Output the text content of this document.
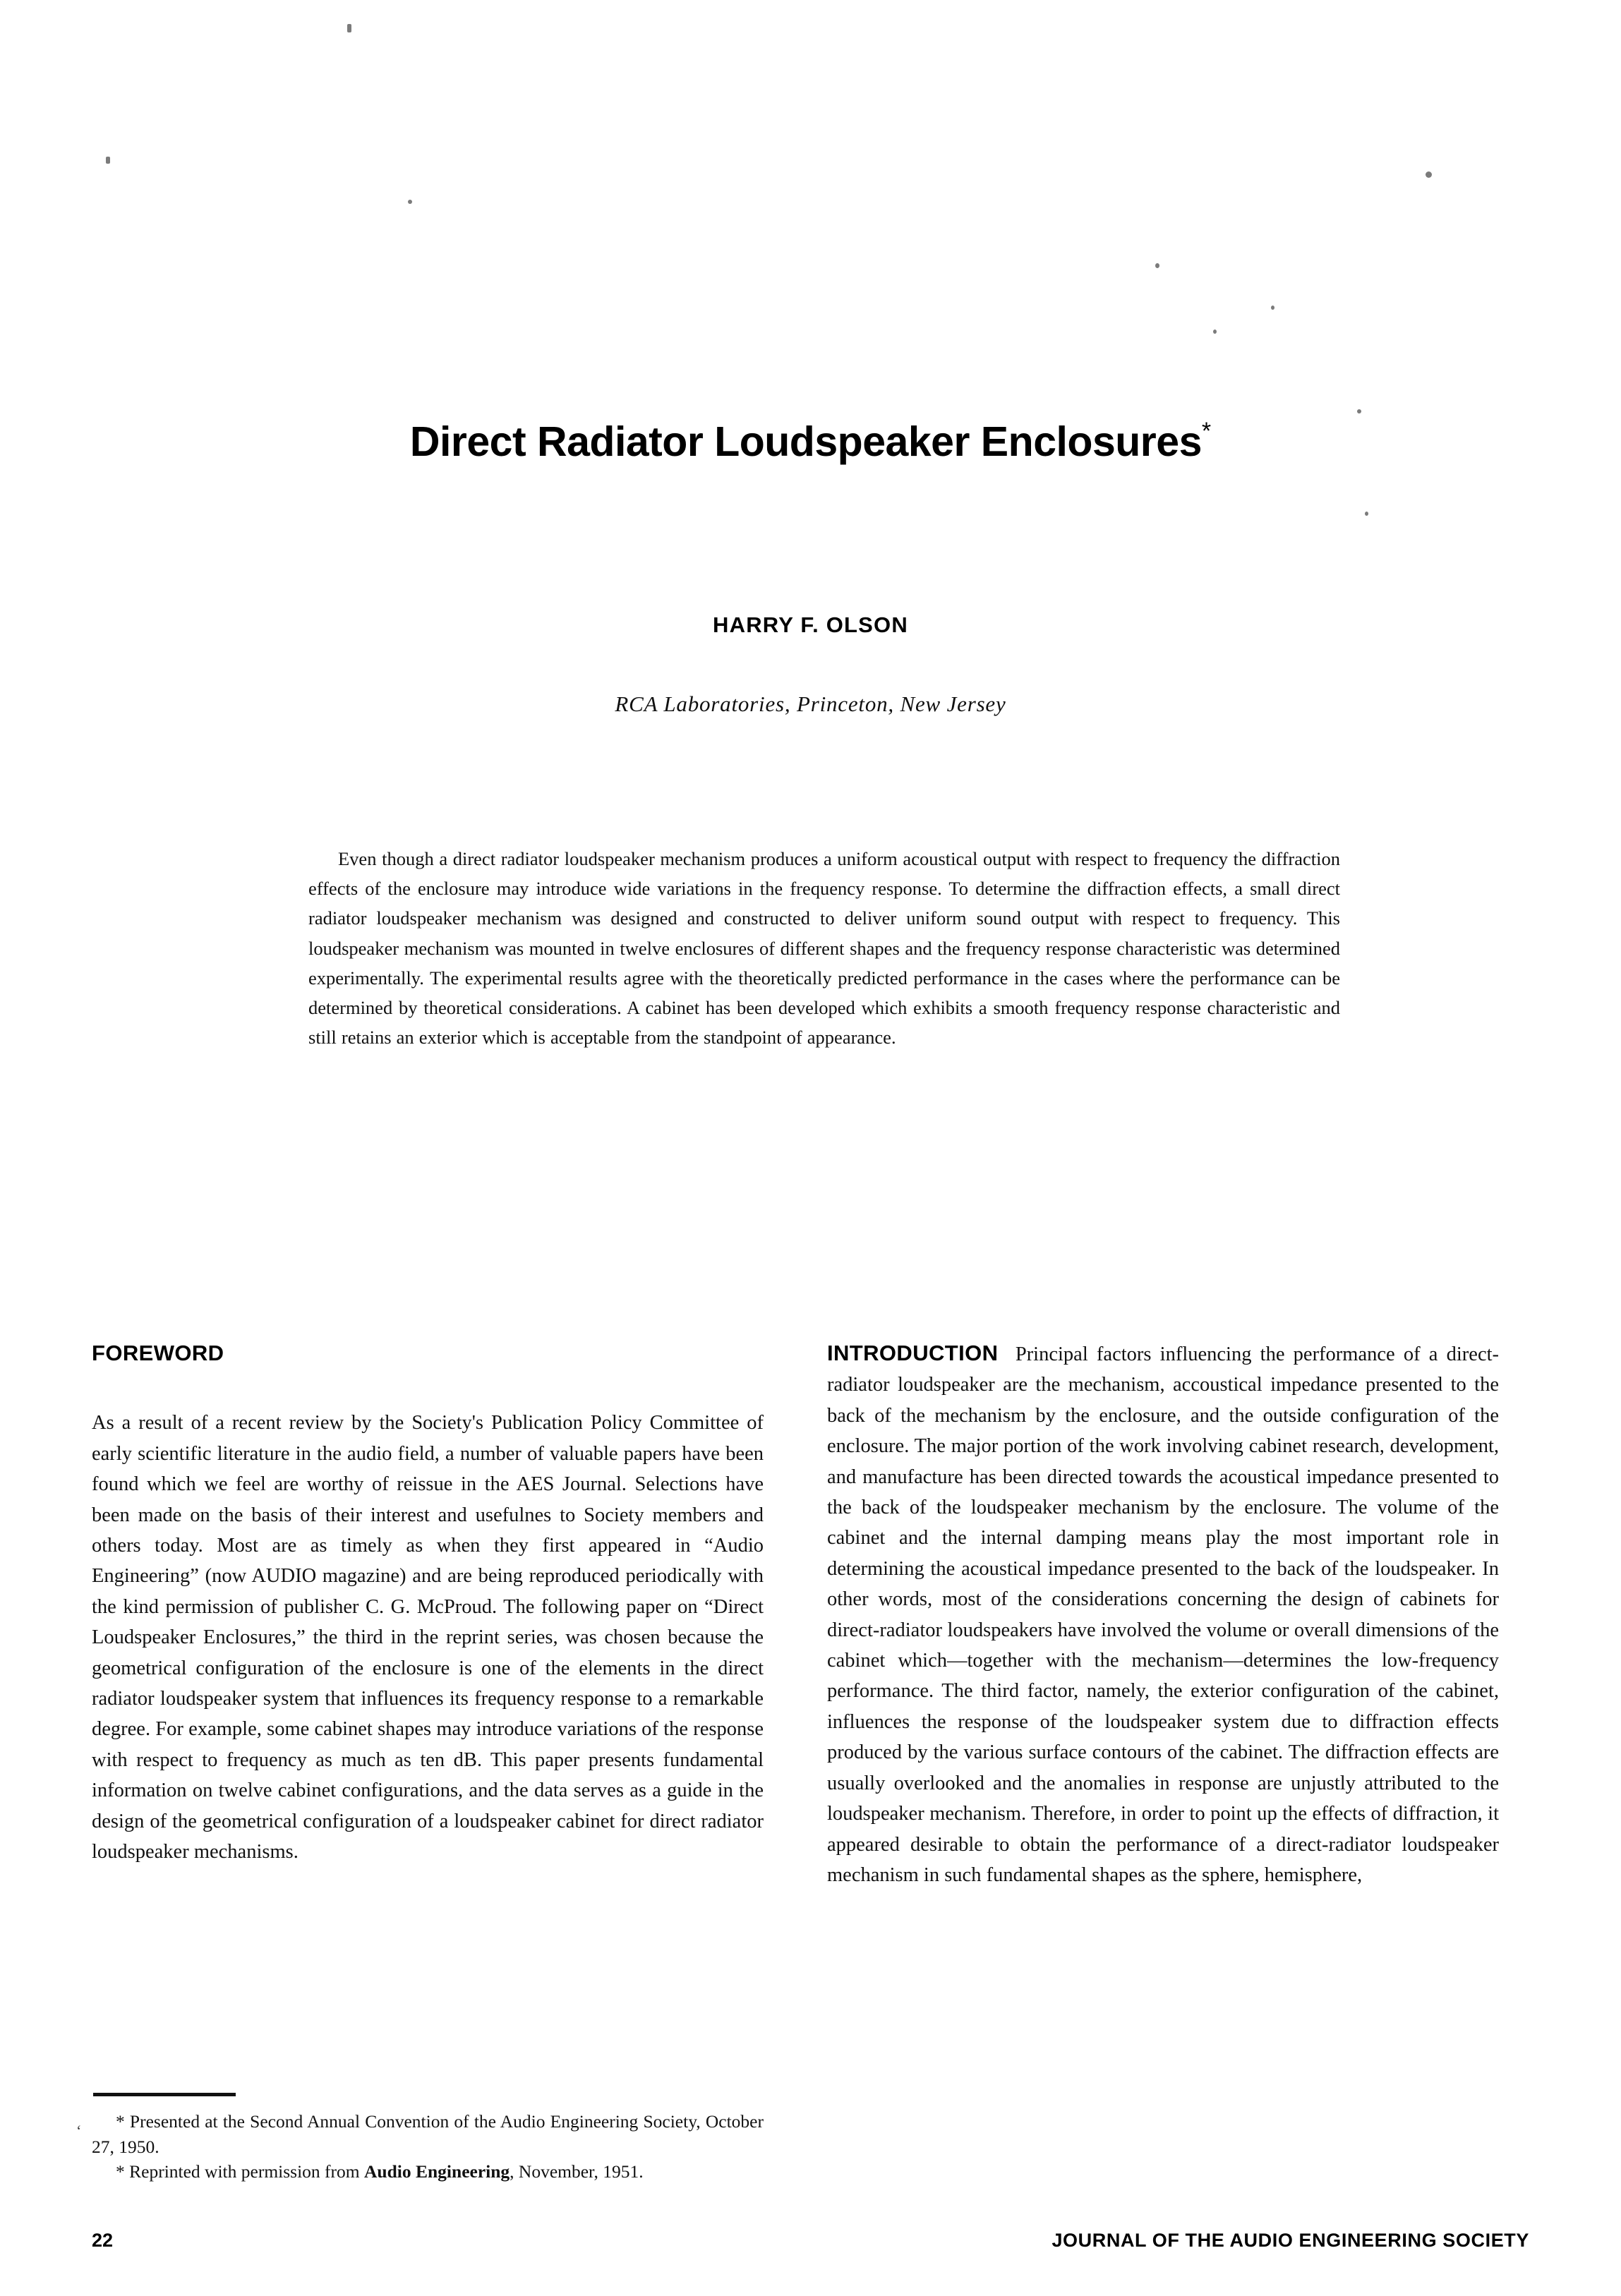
Direct Radiator Loudspeaker Enclosures*
HARRY F. OLSON
RCA Laboratories, Princeton, New Jersey
Even though a direct radiator loudspeaker mechanism produces a uniform acoustical output with respect to frequency the diffraction effects of the enclosure may introduce wide variations in the frequency response. To determine the diffraction effects, a small direct radiator loudspeaker mechanism was designed and constructed to deliver uniform sound output with respect to frequency. This loudspeaker mechanism was mounted in twelve enclosures of different shapes and the frequency response characteristic was determined experimentally. The experimental results agree with the theoretically predicted performance in the cases where the performance can be determined by theoretical considerations. A cabinet has been developed which exhibits a smooth frequency response characteristic and still retains an exterior which is acceptable from the standpoint of appearance.
FOREWORD

As a result of a recent review by the Society's Publication Policy Committee of early scientific literature in the audio field, a number of valuable papers have been found which we feel are worthy of reissue in the AES Journal. Selections have been made on the basis of their interest and usefulnes to Society members and others today. Most are as timely as when they first appeared in “Audio Engineering” (now AUDIO magazine) and are being reproduced periodically with the kind permission of publisher C. G. McProud. The following paper on “Direct Loudspeaker Enclosures,” the third in the reprint series, was chosen because the geometrical configuration of the enclosure is one of the elements in the direct radiator loudspeaker system that influences its frequency response to a remarkable degree. For example, some cabinet shapes may introduce variations of the response with respect to frequency as much as ten dB. This paper presents fundamental information on twelve cabinet configurations, and the data serves as a guide in the design of the geometrical configuration of a loudspeaker cabinet for direct radiator loudspeaker mechanisms.

INTRODUCTION Principal factors influencing the performance of a direct-radiator loudspeaker are the mechanism, accoustical impedance presented to the back of the mechanism by the enclosure, and the outside configuration of the enclosure. The major portion of the work involving cabinet research, development, and manufacture has been directed towards the acoustical impedance presented to the back of the loudspeaker mechanism by the enclosure. The volume of the cabinet and the internal damping means play the most important role in determining the acoustical impedance presented to the back of the loudspeaker. In other words, most of the considerations concerning the design of cabinets for direct-radiator loudspeakers have involved the volume or overall dimensions of the cabinet which—together with the mechanism—determines the low-frequency performance. The third factor, namely, the exterior configuration of the cabinet, influences the response of the loudspeaker system due to diffraction effects produced by the various surface contours of the cabinet. The diffraction effects are usually overlooked and the anomalies in response are unjustly attributed to the loudspeaker mechanism. Therefore, in order to point up the effects of diffraction, it appeared desirable to obtain the performance of a direct-radiator loudspeaker mechanism in such fundamental shapes as the sphere, hemisphere,

‘	* Presented at the Second Annual Convention of the Audio Engineering Society, October 27, 1950.

* Reprinted with permission from Audio Engineering, November, 1951.

22	JOURNAL OF THE AUDIO ENGINEERING SOCIETY
